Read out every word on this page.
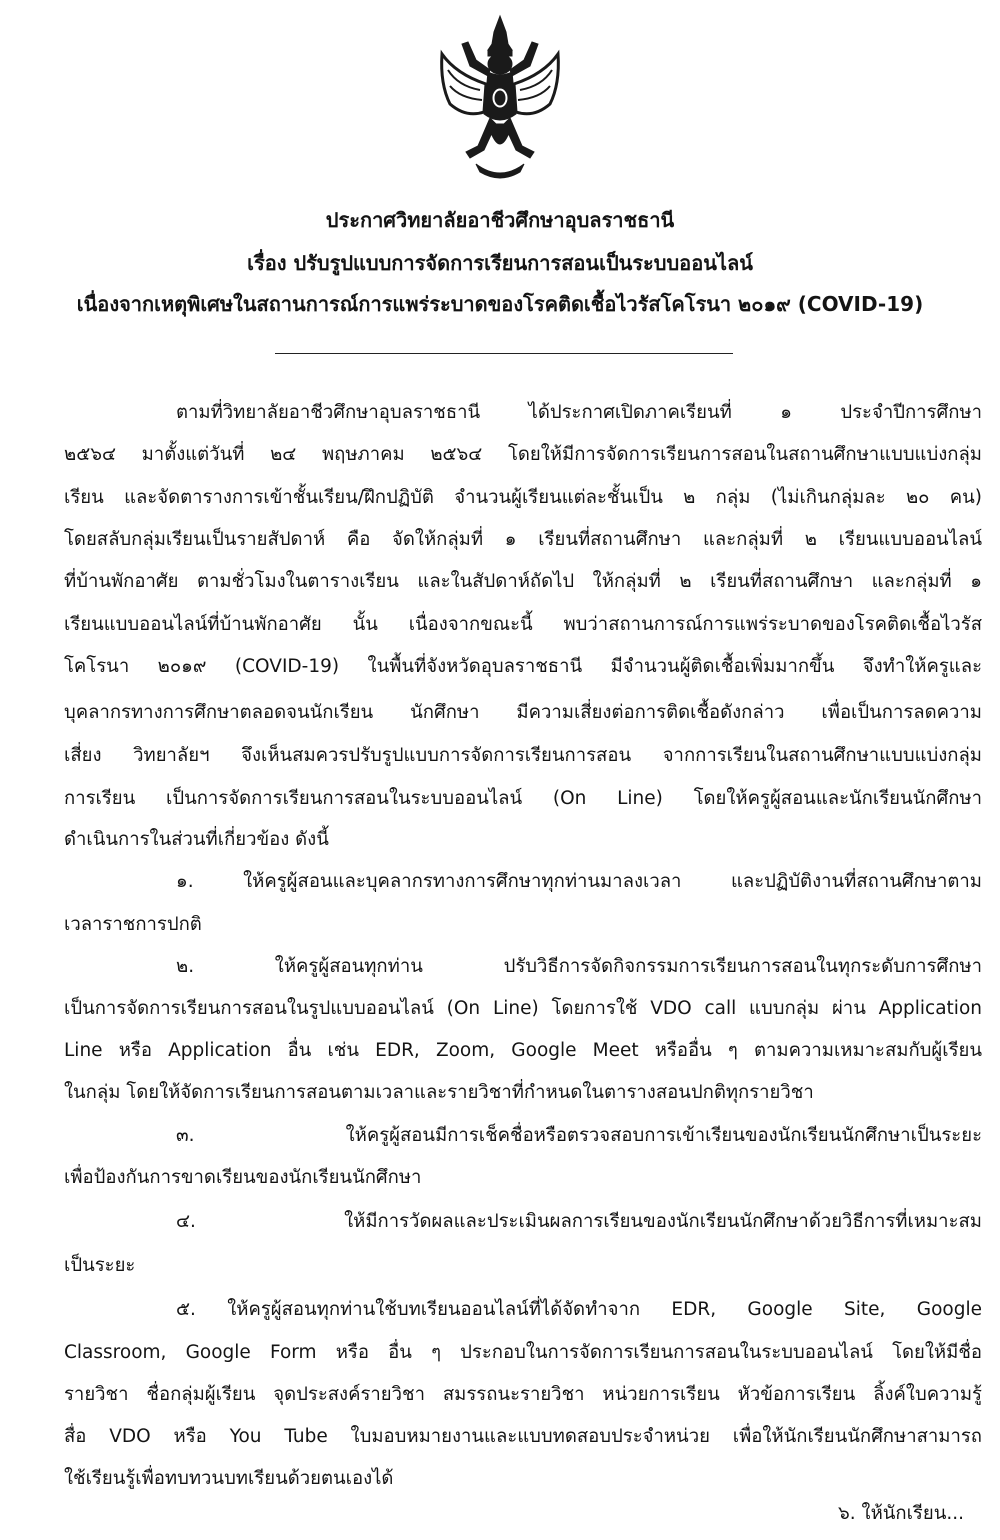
ประกาศวิทยาลัยอาชีวศึกษาอุบลราชธานี
เรื่อง ปรับรูปแบบการจัดการเรียนการสอนเป็นระบบออนไลน์
เนื่องจากเหตุพิเศษในสถานการณ์การแพร่ระบาดของโรคติดเชื้อไวรัสโคโรนา ๒๐๑๙ (COVID-19)
ตามที่วิทยาลัยอาชีวศึกษาอุบลราชธานี ได้ประกาศเปิดภาคเรียนที่ ๑ ประจำปีการศึกษา
๒๕๖๔ มาตั้งแต่วันที่ ๒๔ พฤษภาคม ๒๕๖๔ โดยให้มีการจัดการเรียนการสอนในสถานศึกษาแบบแบ่งกลุ่ม
เรียน และจัดตารางการเข้าชั้นเรียน/ฝึกปฏิบัติ จำนวนผู้เรียนแต่ละชั้นเป็น ๒ กลุ่ม (ไม่เกินกลุ่มละ ๒๐ คน)
โดยสลับกลุ่มเรียนเป็นรายสัปดาห์ คือ จัดให้กลุ่มที่ ๑ เรียนที่สถานศึกษา และกลุ่มที่ ๒ เรียนแบบออนไลน์
ที่บ้านพักอาศัย ตามชั่วโมงในตารางเรียน และในสัปดาห์ถัดไป ให้กลุ่มที่ ๒ เรียนที่สถานศึกษา และกลุ่มที่ ๑
เรียนแบบออนไลน์ที่บ้านพักอาศัย นั้น เนื่องจากขณะนี้ พบว่าสถานการณ์การแพร่ระบาดของโรคติดเชื้อไวรัส
โคโรนา ๒๐๑๙ (COVID-19) ในพื้นที่จังหวัดอุบลราชธานี มีจำนวนผู้ติดเชื้อเพิ่มมากขึ้น จึงทำให้ครูและ
บุคลากรทางการศึกษาตลอดจนนักเรียน นักศึกษา มีความเสี่ยงต่อการติดเชื้อดังกล่าว เพื่อเป็นการลดความ
เสี่ยง วิทยาลัยฯ จึงเห็นสมควรปรับรูปแบบการจัดการเรียนการสอน จากการเรียนในสถานศึกษาแบบแบ่งกลุ่ม
การเรียน เป็นการจัดการเรียนการสอนในระบบออนไลน์ (On Line) โดยให้ครูผู้สอนและนักเรียนนักศึกษา
ดำเนินการในส่วนที่เกี่ยวข้อง ดังนี้
๑. ให้ครูผู้สอนและบุคลากรทางการศึกษาทุกท่านมาลงเวลา และปฏิบัติงานที่สถานศึกษาตาม
เวลาราชการปกติ
๒. ให้ครูผู้สอนทุกท่าน ปรับวิธีการจัดกิจกรรมการเรียนการสอนในทุกระดับการศึกษา
เป็นการจัดการเรียนการสอนในรูปแบบออนไลน์ (On Line) โดยการใช้ VDO call แบบกลุ่ม ผ่าน Application
Line หรือ Application อื่น เช่น EDR, Zoom, Google Meet หรืออื่น ๆ ตามความเหมาะสมกับผู้เรียน
ในกลุ่ม โดยให้จัดการเรียนการสอนตามเวลาและรายวิชาที่กำหนดในตารางสอนปกติทุกรายวิชา
๓. ให้ครูผู้สอนมีการเช็คชื่อหรือตรวจสอบการเข้าเรียนของนักเรียนนักศึกษาเป็นระยะ
เพื่อป้องกันการขาดเรียนของนักเรียนนักศึกษา
๔. ให้มีการวัดผลและประเมินผลการเรียนของนักเรียนนักศึกษาด้วยวิธีการที่เหมาะสม
เป็นระยะ
๕. ให้ครูผู้สอนทุกท่านใช้บทเรียนออนไลน์ที่ได้จัดทำจาก EDR, Google Site, Google
Classroom, Google Form หรือ อื่น ๆ ประกอบในการจัดการเรียนการสอนในระบบออนไลน์ โดยให้มีชื่อ
รายวิชา ชื่อกลุ่มผู้เรียน จุดประสงค์รายวิชา สมรรถนะรายวิชา หน่วยการเรียน หัวข้อการเรียน ลิ้งค์ใบความรู้
สื่อ VDO หรือ You Tube ใบมอบหมายงานและแบบทดสอบประจำหน่วย เพื่อให้นักเรียนนักศึกษาสามารถ
ใช้เรียนรู้เพื่อทบทวนบทเรียนด้วยตนเองได้
๖. ให้นักเรียน...
